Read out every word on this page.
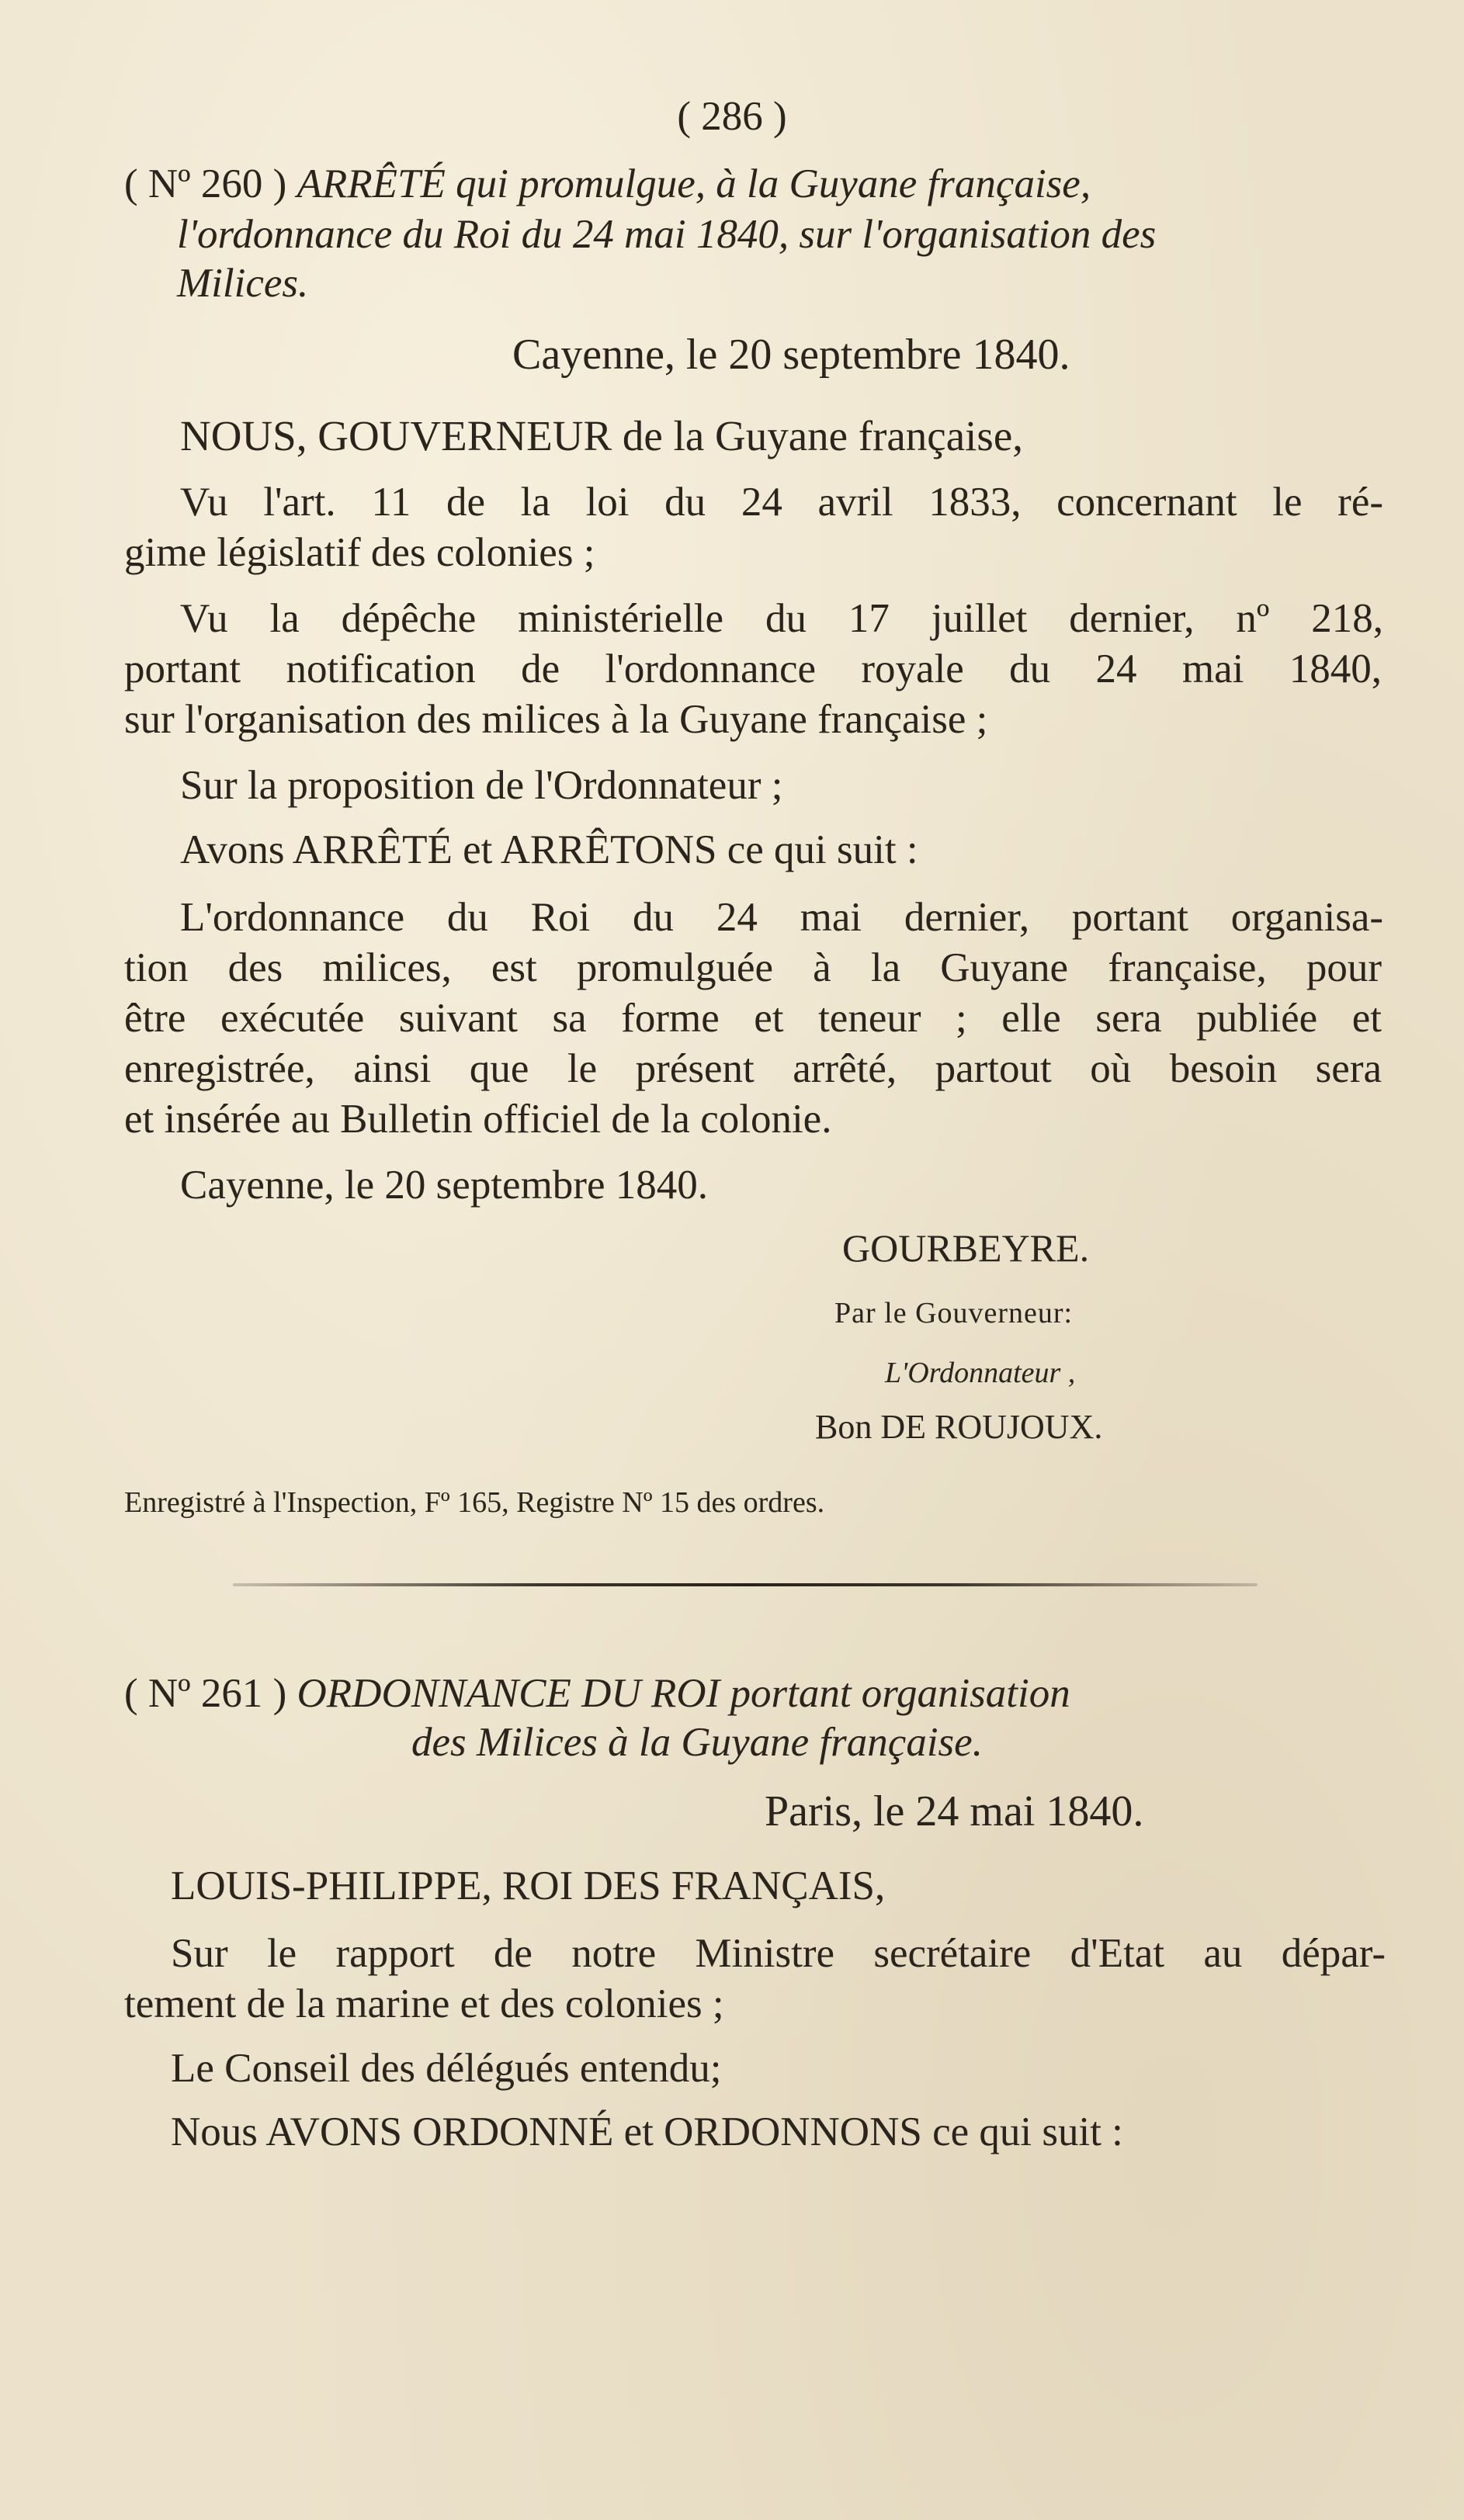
( 286 )
( Nº 260 ) ARRÊTÉ qui promulgue, à la Guyane française,
l'ordonnance du Roi du 24 mai 1840, sur l'organisation des
Milices.
Cayenne, le 20 septembre 1840.
NOUS, GOUVERNEUR de la Guyane française,
Vu l'art. 11 de la loi du 24 avril 1833, concernant le ré-
gime législatif des colonies ;
Vu la dépêche ministérielle du 17 juillet dernier, nº 218,
portant notification de l'ordonnance royale du 24 mai 1840,
sur l'organisation des milices à la Guyane française ;
Sur la proposition de l'Ordonnateur ;
Avons ARRÊTÉ et ARRÊTONS ce qui suit :
L'ordonnance du Roi du 24 mai dernier, portant organisa-
tion des milices, est promulguée à la Guyane française, pour
être exécutée suivant sa forme et teneur ; elle sera publiée et
enregistrée, ainsi que le présent arrêté, partout où besoin sera
et insérée au Bulletin officiel de la colonie.
Cayenne, le 20 septembre 1840.
GOURBEYRE.
Par le Gouverneur:
L'Ordonnateur ,
Bon DE ROUJOUX.
Enregistré à l'Inspection, Fº 165, Registre Nº 15 des ordres.
( Nº 261 ) ORDONNANCE DU ROI portant organisation
des Milices à la Guyane française.
Paris, le 24 mai 1840.
LOUIS-PHILIPPE, ROI DES FRANÇAIS,
Sur le rapport de notre Ministre secrétaire d'Etat au dépar-
tement de la marine et des colonies ;
Le Conseil des délégués entendu;
Nous AVONS ORDONNÉ et ORDONNONS ce qui suit :
